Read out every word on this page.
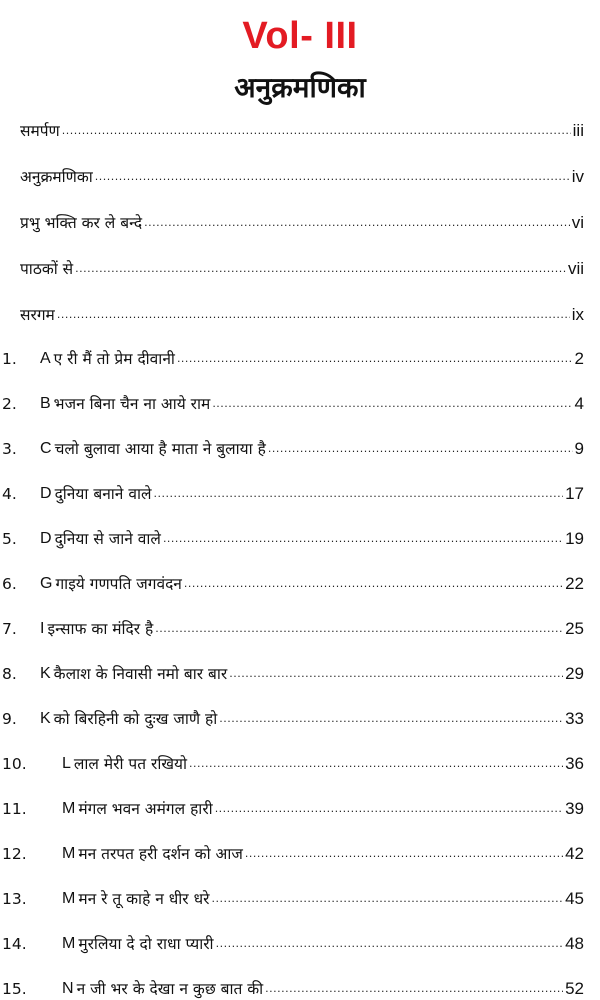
Vol- III
अनुक्रमणिका
समर्पण .....	iii
अनुक्रमणिका .....	iv
प्रभु भक्ति कर ले बन्दे .....	vi
पाठकों से .....	vii
सरगम .....	ix
1.	A ए री मैं तो प्रेम दीवानी .....	2
2.	B भजन बिना चैन ना आये राम .....	4
3.	C चलो बुलावा आया है माता ने बुलाया है .....	9
4.	D दुनिया बनाने वाले .....	17
5.	D दुनिया से जाने वाले .....	19
6.	G गाइये गणपति जगवंदन .....	22
7.	I इन्साफ का मंदिर है .....	25
8.	K कैलाश के निवासी नमो बार बार .....	29
9.	K को बिरहिनी को दुःख जाणै हो .....	33
10.	L लाल मेरी पत रखियो .....	36
11.	M मंगल भवन अमंगल हारी .....	39
12.	M मन तरपत हरी दर्शन को आज .....	42
13.	M मन रे तू काहे न धीर धरे .....	45
14.	M मुरलिया दे दो राधा प्यारी .....	48
15.	N न जी भर के देखा न कुछ बात की .....	52
